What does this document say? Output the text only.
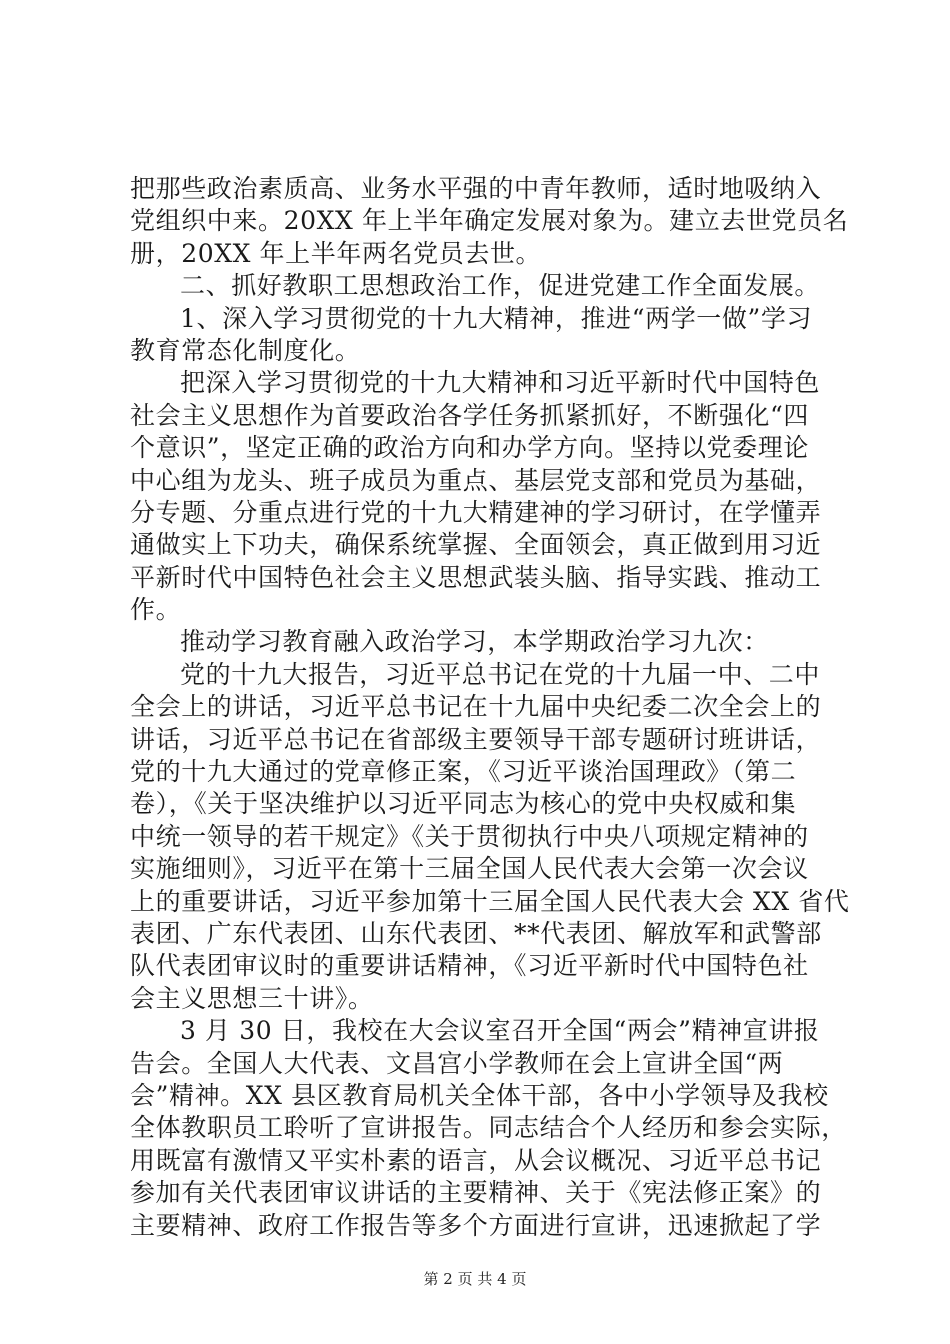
把那些政治素质高、业务水平强的中青年教师，适时地吸纳入
党组织中来。20XX 年上半年确定发展对象为。建立去世党员名
册，20XX 年上半年两名党员去世。
二、抓好教职工思想政治工作，促进党建工作全面发展。
1、深入学习贯彻党的十九大精神，推进“两学一做”学习
教育常态化制度化。
把深入学习贯彻党的十九大精神和习近平新时代中国特色
社会主义思想作为首要政治各学任务抓紧抓好，不断强化“四
个意识”，坚定正确的政治方向和办学方向。坚持以党委理论
中心组为龙头、班子成员为重点、基层党支部和党员为基础，
分专题、分重点进行党的十九大精建神的学习研讨，在学懂弄
通做实上下功夫，确保系统掌握、全面领会，真正做到用习近
平新时代中国特色社会主义思想武装头脑、指导实践、推动工
作。
推动学习教育融入政治学习，本学期政治学习九次：
党的十九大报告，习近平总书记在党的十九届一中、二中
全会上的讲话，习近平总书记在十九届中央纪委二次全会上的
讲话，习近平总书记在省部级主要领导干部专题研讨班讲话，
党的十九大通过的党章修正案，《习近平谈治国理政》（第二
卷），《关于坚决维护以习近平同志为核心的党中央权威和集
中统一领导的若干规定》《关于贯彻执行中央八项规定精神的
实施细则》，习近平在第十三届全国人民代表大会第一次会议
上的重要讲话，习近平参加第十三届全国人民代表大会 XX 省代
表团、广东代表团、山东代表团、**代表团、解放军和武警部
队代表团审议时的重要讲话精神，《习近平新时代中国特色社
会主义思想三十讲》。
3 月 30 日，我校在大会议室召开全国“两会”精神宣讲报
告会。全国人大代表、文昌宫小学教师在会上宣讲全国“两
会”精神。XX 县区教育局机关全体干部，各中小学领导及我校
全体教职员工聆听了宣讲报告。同志结合个人经历和参会实际，
用既富有激情又平实朴素的语言，从会议概况、习近平总书记
参加有关代表团审议讲话的主要精神、关于《宪法修正案》的
主要精神、政府工作报告等多个方面进行宣讲，迅速掀起了学
第 2 页 共 4 页
